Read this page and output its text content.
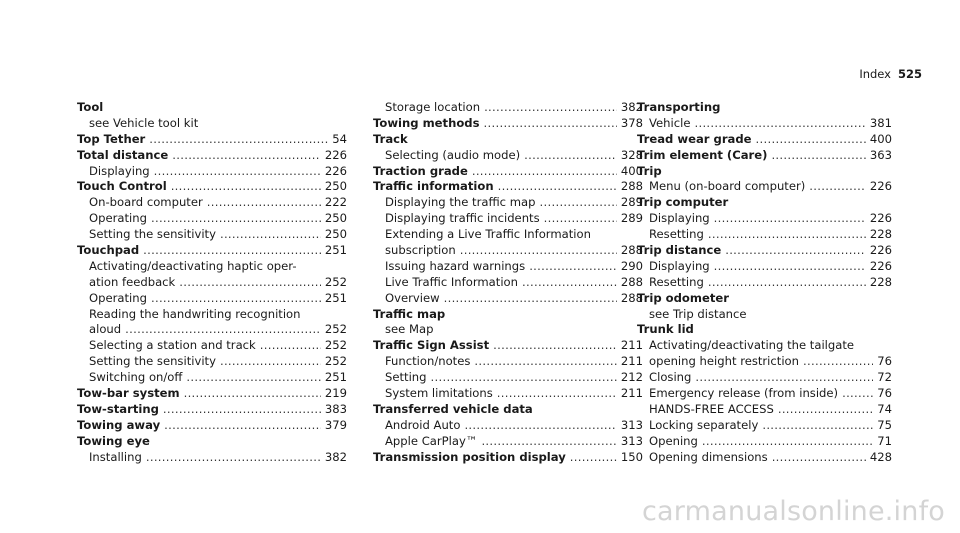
Index 525
Tool
see Vehicle tool kit
Top Tether .....	54
Total distance .....	226
Displaying .....	226
Touch Control .....	250
On-board computer .....	222
Operating .....	250
Setting the sensitivity .....	250
Touchpad .....	251
Activating/deactivating haptic oper-
ation feedback .....	252
Operating .....	251
Reading the handwriting recognition
aloud .....	252
Selecting a station and track .....	252
Setting the sensitivity .....	252
Switching on/off .....	251
Tow-bar system .....	219
Tow-starting .....	383
Towing away .....	379
Towing eye
Installing .....	382
Storage location .....	382
Towing methods .....	378
Track
Selecting (audio mode) .....	328
Traction grade .....	400
Traffic information .....	288
Displaying the traffic map .....	289
Displaying traffic incidents .....	289
Extending a Live Traffic Information
subscription .....	288
Issuing hazard warnings .....	290
Live Traffic Information .....	288
Overview .....	288
Traffic map
see Map
Traffic Sign Assist .....	211
Function/notes .....	211
Setting .....	212
System limitations .....	211
Transferred vehicle data
Android Auto .....	313
Apple CarPlay™ .....	313
Transmission position display .....	150
Transporting
Vehicle .....	381
Tread wear grade .....	400
Trim element (Care) .....	363
Trip
Menu (on-board computer) .....	226
Trip computer
Displaying .....	226
Resetting .....	228
Trip distance .....	226
Displaying .....	226
Resetting .....	228
Trip odometer
see Trip distance
Trunk lid
Activating/deactivating the tailgate
opening height restriction .....	76
Closing .....	72
Emergency release (from inside) .....	76
HANDS-FREE ACCESS .....	74
Locking separately .....	75
Opening .....	71
Opening dimensions .....	428
carmanualsonline.info
